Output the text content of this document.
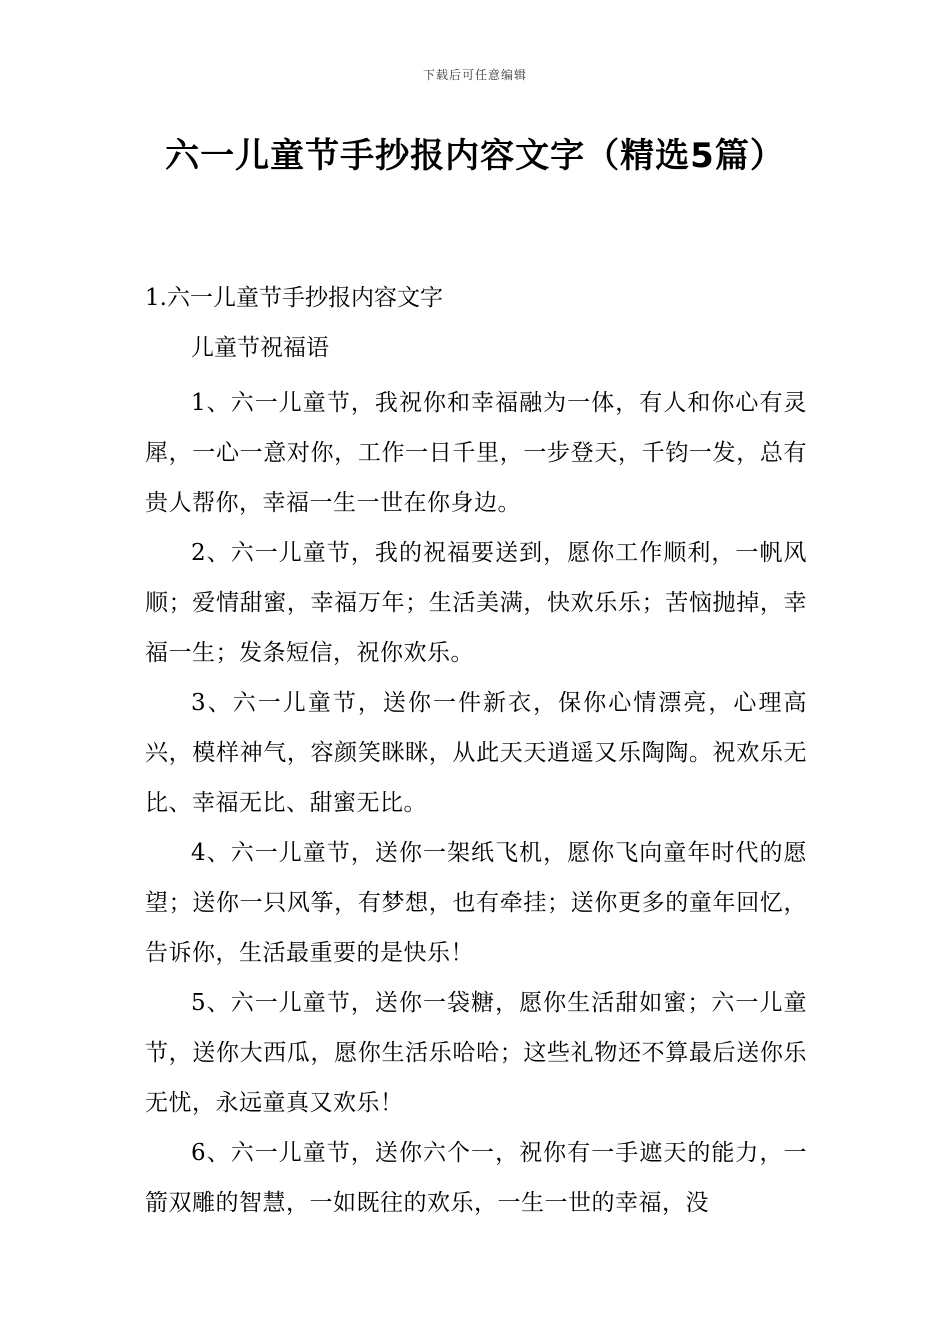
下载后可任意编辑
六一儿童节手抄报内容文字（精选5篇）

1.六一儿童节手抄报内容文字

儿童节祝福语

1、六一儿童节，我祝你和幸福融为一体，有人和你心有灵犀，一心一意对你，工作一日千里，一步登天，千钧一发，总有贵人帮你，幸福一生一世在你身边。

2、六一儿童节，我的祝福要送到，愿你工作顺利，一帆风顺；爱情甜蜜，幸福万年；生活美满，快欢乐乐；苦恼抛掉，幸福一生；发条短信，祝你欢乐。

3、六一儿童节，送你一件新衣，保你心情漂亮，心理高兴，模样神气，容颜笑眯眯，从此天天逍遥又乐陶陶。祝欢乐无比、幸福无比、甜蜜无比。

4、六一儿童节，送你一架纸飞机，愿你飞向童年时代的愿望；送你一只风筝，有梦想，也有牵挂；送你更多的童年回忆，告诉你，生活最重要的是快乐！

5、六一儿童节，送你一袋糖，愿你生活甜如蜜；六一儿童节，送你大西瓜，愿你生活乐哈哈；这些礼物还不算最后送你乐无忧，永远童真又欢乐！

6、六一儿童节，送你六个一，祝你有一手遮天的能力，一箭双雕的智慧，一如既往的欢乐，一生一世的幸福，没
